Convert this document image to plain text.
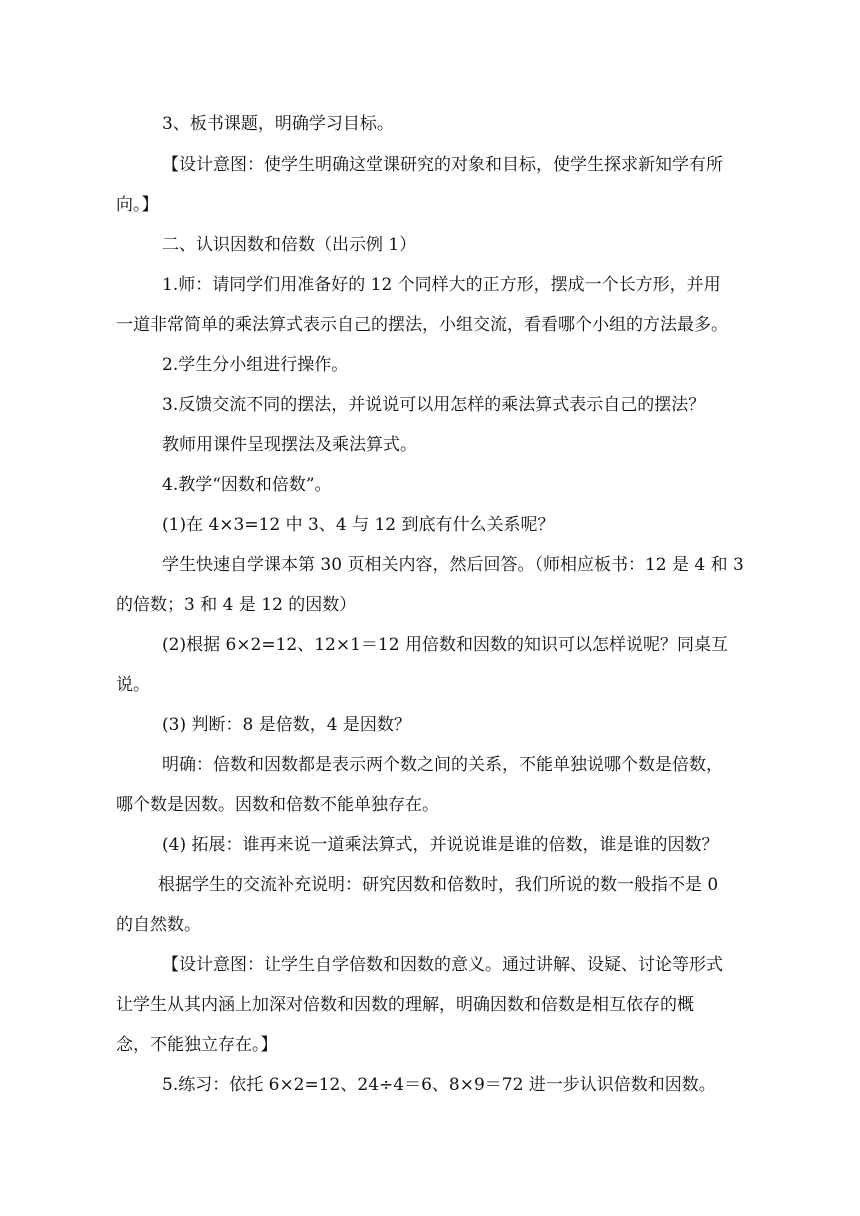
3、板书课题，明确学习目标。
【设计意图：使学生明确这堂课研究的对象和目标，使学生探求新知学有所
向。】
二、认识因数和倍数（出示例 1）
1.师：请同学们用准备好的 12 个同样大的正方形，摆成一个长方形，并用
一道非常简单的乘法算式表示自己的摆法，小组交流，看看哪个小组的方法最多。
2.学生分小组进行操作。
3.反馈交流不同的摆法，并说说可以用怎样的乘法算式表示自己的摆法？
教师用课件呈现摆法及乘法算式。
4.教学“因数和倍数”。
(1)在 4×3=12 中 3、4 与 12 到底有什么关系呢？
学生快速自学课本第 30 页相关内容，然后回答。（师相应板书：12 是 4 和 3
的倍数；3 和 4 是 12 的因数）
(2)根据 6×2=12、12×1＝12 用倍数和因数的知识可以怎样说呢？同桌互
说。
(3) 判断：8 是倍数，4 是因数？
明确：倍数和因数都是表示两个数之间的关系，不能单独说哪个数是倍数，
哪个数是因数。因数和倍数不能单独存在。
(4) 拓展：谁再来说一道乘法算式，并说说谁是谁的倍数，谁是谁的因数？
根据学生的交流补充说明：研究因数和倍数时，我们所说的数一般指不是 0
的自然数。
【设计意图：让学生自学倍数和因数的意义。通过讲解、设疑、讨论等形式
让学生从其内涵上加深对倍数和因数的理解，明确因数和倍数是相互依存的概
念，不能独立存在。】
5.练习：依托 6×2=12、24÷4＝6、8×9＝72 进一步认识倍数和因数。
